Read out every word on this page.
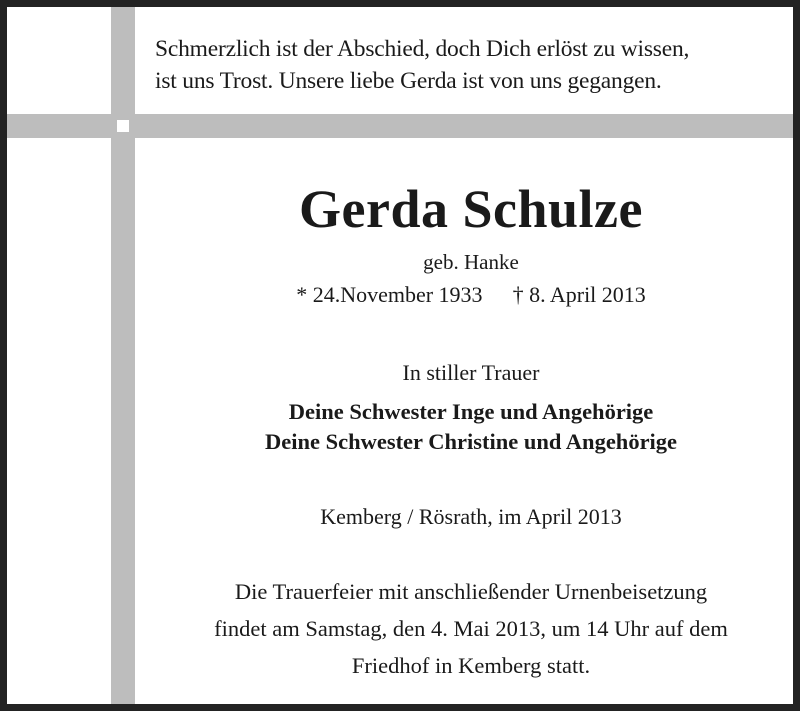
Schmerzlich ist der Abschied, doch Dich erlöst zu wissen,
ist uns Trost. Unsere liebe Gerda ist von uns gegangen.
Gerda Schulze
geb. Hanke
* 24.November 1933 † 8. April 2013
In stiller Trauer
Deine Schwester Inge und Angehörige
Deine Schwester Christine und Angehörige
Kemberg / Rösrath, im April 2013
Die Trauerfeier mit anschließender Urnenbeisetzung
findet am Samstag, den 4. Mai 2013, um 14 Uhr auf dem
Friedhof in Kemberg statt.
